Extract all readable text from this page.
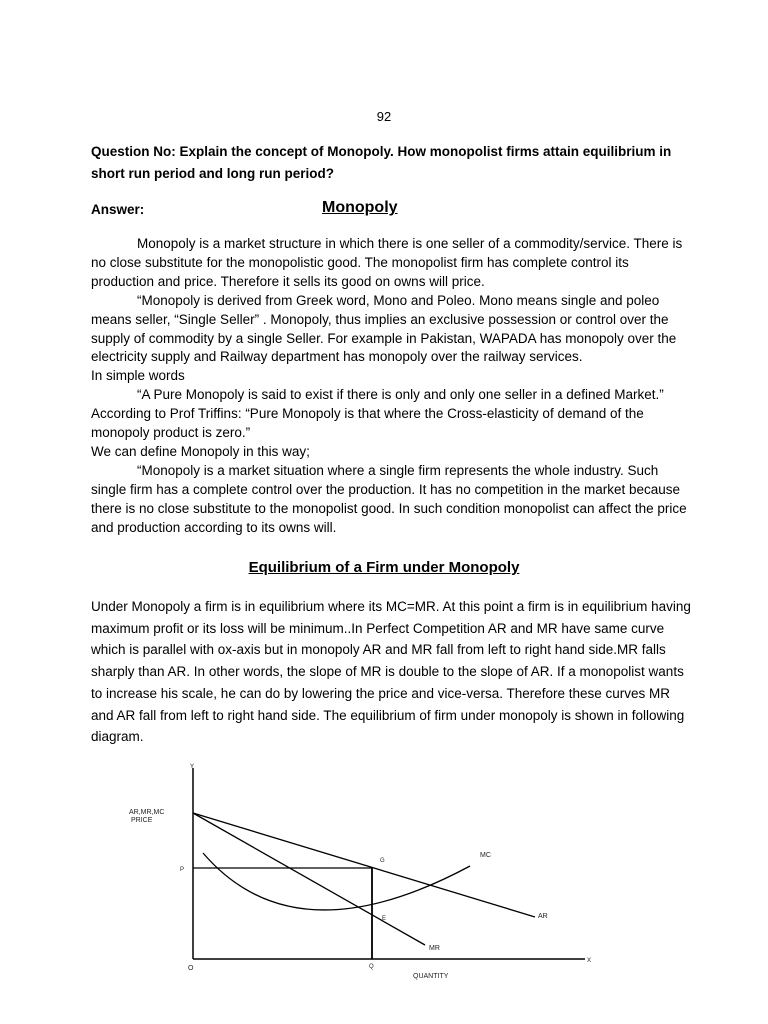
92
Question No: Explain the concept of Monopoly. How monopolist firms attain equilibrium in short run period and long run period?
Answer:	Monopoly

Monopoly is a market structure in which there is one seller of a commodity/service. There is no close substitute for the monopolistic good. The monopolist firm has complete control its production and price. Therefore it sells its good on owns will price.

“Monopoly is derived from Greek word, Mono and Poleo. Mono means single and poleo means seller, “Single Seller” . Monopoly, thus implies an exclusive possession or control over the supply of commodity by a single Seller. For example in Pakistan, WAPADA has monopoly over the electricity supply and Railway department has monopoly over the railway services.

In simple words

“A Pure Monopoly is said to exist if there is only and only one seller in a defined Market.”

According to Prof Triffins: “Pure Monopoly is that where the Cross-elasticity of demand of the monopoly product is zero.”

We can define Monopoly in this way;

“Monopoly is a market situation where a single firm represents the whole industry. Such single firm has a complete control over the production. It has no competition in the market because there is no close substitute to the monopolist good. In such condition monopolist can affect the price and production according to its owns will.

Equilibrium of a Firm under Monopoly

Under Monopoly a firm is in equilibrium where its MC=MR. At this point a firm is in equilibrium having maximum profit or its loss will be minimum..In Perfect Competition AR and MR have same curve which is parallel with ox-axis but in monopoly AR and MR fall from left to right hand side.MR falls sharply than AR. In other words, the slope of MR is double to the slope of AR. If a monopolist wants to increase his scale, he can do by lowering the price and vice-versa. Therefore these curves MR and AR fall from left to right hand side. The equilibrium of firm under monopoly is shown in following diagram.

Y
X
O
AR,MR,MC
PRICE
QUANTITY
P
Q
G
E
MC
AR
MR
